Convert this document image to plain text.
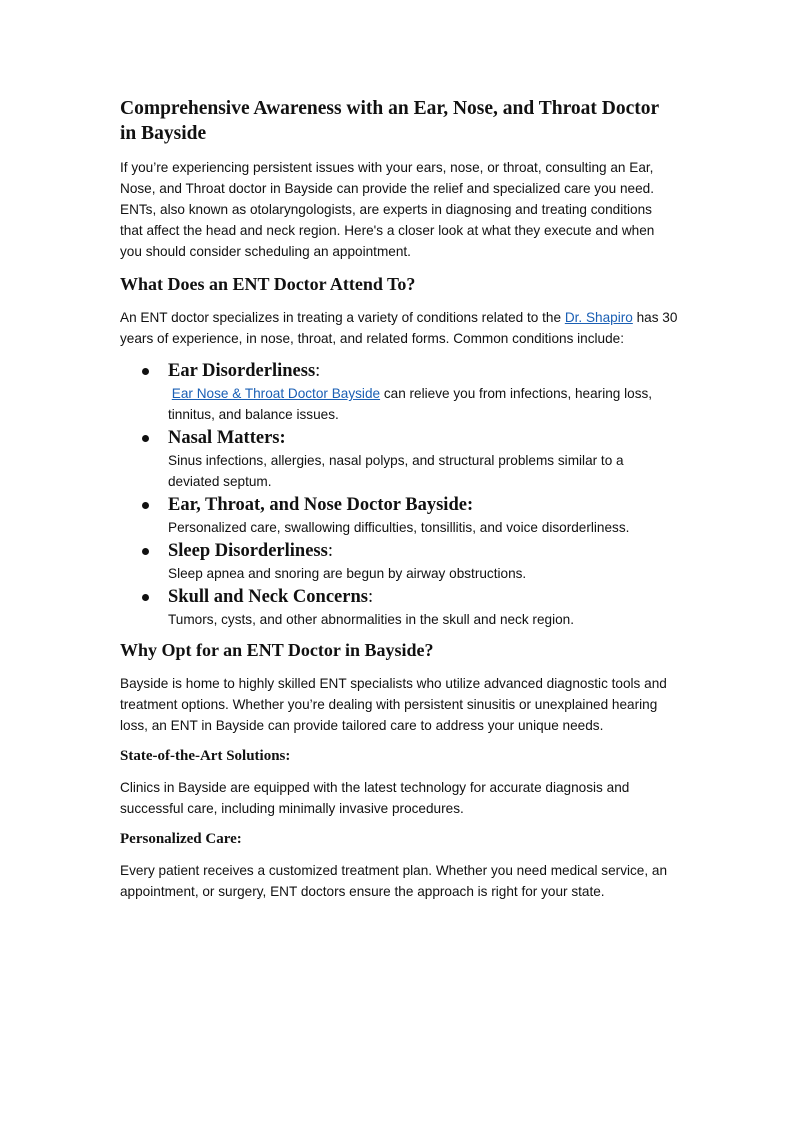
Comprehensive Awareness with an Ear, Nose, and Throat Doctor in Bayside

If you’re experiencing persistent issues with your ears, nose, or throat, consulting an Ear, Nose, and Throat doctor in Bayside can provide the relief and specialized care you need. ENTs, also known as otolaryngologists, are experts in diagnosing and treating conditions that affect the head and neck region. Here's a closer look at what they execute and when you should consider scheduling an appointment.

What Does an ENT Doctor Attend To?

An ENT doctor specializes in treating a variety of conditions related to the Dr. Shapiro has 30 years of experience, in nose, throat, and related forms. Common conditions include:

Ear Disorderliness:
Ear Nose & Throat Doctor Bayside can relieve you from infections, hearing loss, tinnitus, and balance issues.
Nasal Matters:
Sinus infections, allergies, nasal polyps, and structural problems similar to a deviated septum.
Ear, Throat, and Nose Doctor Bayside:
Personalized care, swallowing difficulties, tonsillitis, and voice disorderliness.
Sleep Disorderliness:
Sleep apnea and snoring are begun by airway obstructions.
Skull and Neck Concerns:
Tumors, cysts, and other abnormalities in the skull and neck region.
Why Opt for an ENT Doctor in Bayside?

Bayside is home to highly skilled ENT specialists who utilize advanced diagnostic tools and treatment options. Whether you’re dealing with persistent sinusitis or unexplained hearing loss, an ENT in Bayside can provide tailored care to address your unique needs.

State-of-the-Art Solutions:

Clinics in Bayside are equipped with the latest technology for accurate diagnosis and successful care, including minimally invasive procedures.

Personalized Care:

Every patient receives a customized treatment plan. Whether you need medical service, an appointment, or surgery, ENT doctors ensure the approach is right for your state.
